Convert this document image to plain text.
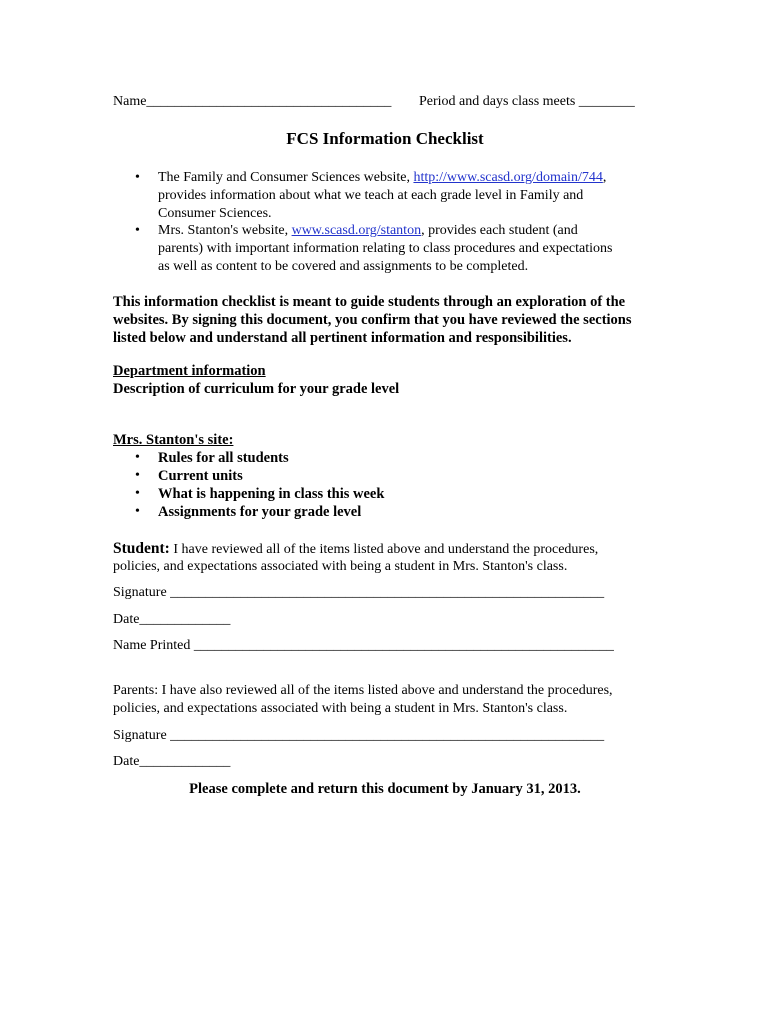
Name___________________________________ Period and days class meets ________
FCS Information Checklist
• The Family and Consumer Sciences website, http://www.scasd.org/domain/744,
provides information about what we teach at each grade level in Family and
Consumer Sciences.
• Mrs. Stanton's website, www.scasd.org/stanton, provides each student (and
parents) with important information relating to class procedures and expectations
as well as content to be covered and assignments to be completed.
This information checklist is meant to guide students through an exploration of the
websites. By signing this document, you confirm that you have reviewed the sections
listed below and understand all pertinent information and responsibilities.
Department information
Description of curriculum for your grade level
Mrs. Stanton's site:
• Rules for all students
• Current units
• What is happening in class this week
• Assignments for your grade level
Student: I have reviewed all of the items listed above and understand the procedures,
policies, and expectations associated with being a student in Mrs. Stanton's class.
Signature ______________________________________________________________
Date_____________
Name Printed ____________________________________________________________
Parents: I have also reviewed all of the items listed above and understand the procedures,
policies, and expectations associated with being a student in Mrs. Stanton's class.
Signature ______________________________________________________________
Date_____________
Please complete and return this document by January 31, 2013.
